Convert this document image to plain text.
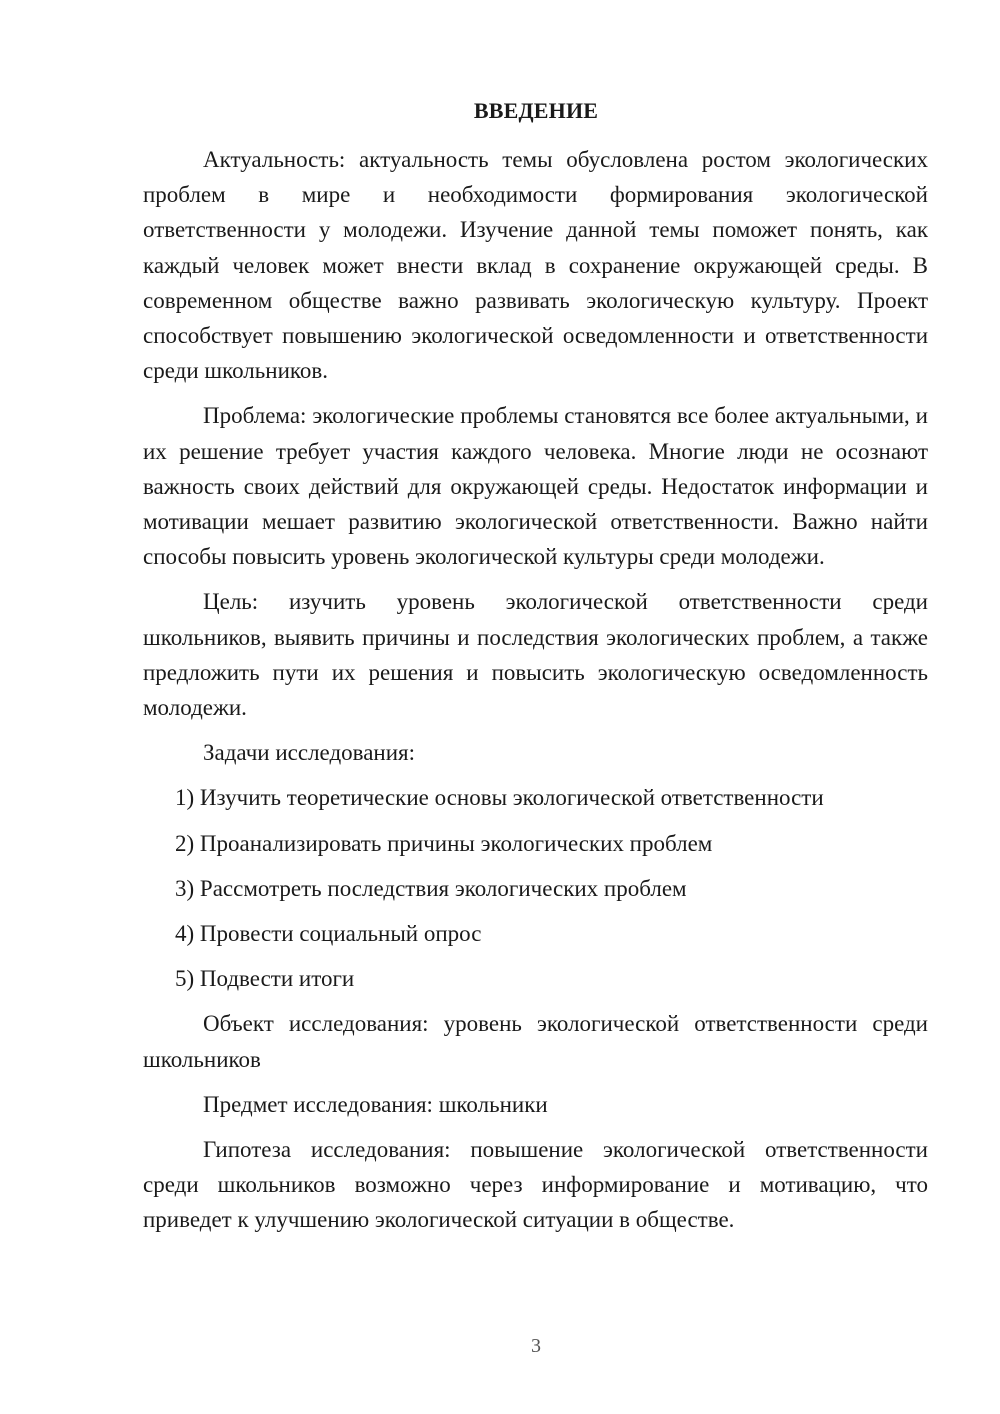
ВВЕДЕНИЕ

Актуальность: актуальность темы обусловлена ростом экологических проблем в мире и необходимости формирования экологической ответственности у молодежи. Изучение данной темы поможет понять, как каждый человек может внести вклад в сохранение окружающей среды. В современном обществе важно развивать экологическую культуру. Проект способствует повышению экологической осведомленности и ответственности среди школьников.

Проблема: экологические проблемы становятся все более актуальными, и их решение требует участия каждого человека. Многие люди не осознают важность своих действий для окружающей среды. Недостаток информации и мотивации мешает развитию экологической ответственности. Важно найти способы повысить уровень экологической культуры среди молодежи.

Цель: изучить уровень экологической ответственности среди школьников, выявить причины и последствия экологических проблем, а также предложить пути их решения и повысить экологическую осведомленность молодежи.

Задачи исследования:

1) Изучить теоретические основы экологической ответственности
2) Проанализировать причины экологических проблем
3) Рассмотреть последствия экологических проблем
4) Провести социальный опрос
5) Подвести итоги

Объект исследования: уровень экологической ответственности среди школьников

Предмет исследования: школьники

Гипотеза исследования: повышение экологической ответственности среди школьников возможно через информирование и мотивацию, что приведет к улучшению экологической ситуации в обществе.

3
